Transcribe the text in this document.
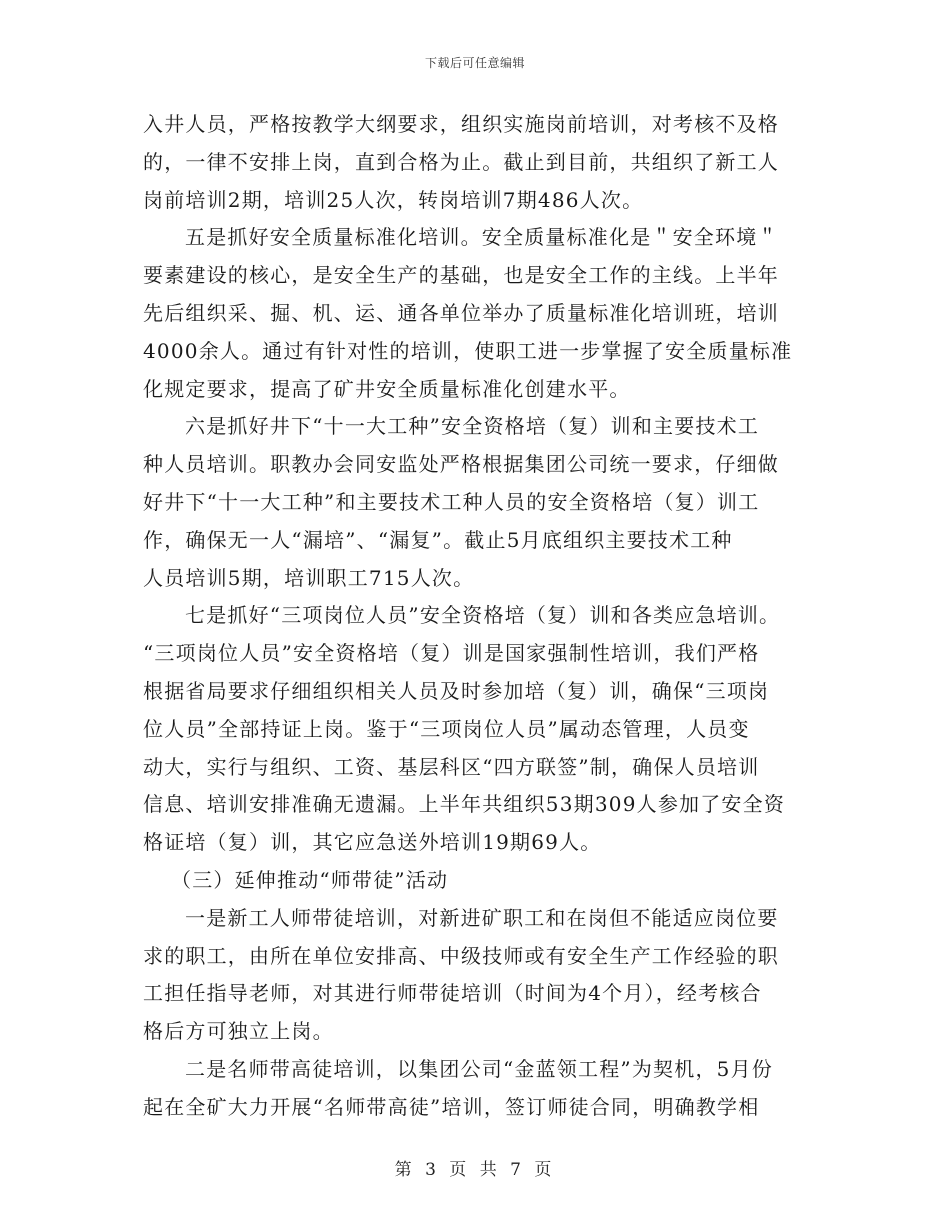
下载后可任意编辑
入井人员，严格按教学大纲要求，组织实施岗前培训，对考核不及格
的，一律不安排上岗，直到合格为止。截止到目前，共组织了新工人
岗前培训2期，培训25人次，转岗培训7期486人次。
五是抓好安全质量标准化培训。安全质量标准化是＂安全环境＂
要素建设的核心，是安全生产的基础，也是安全工作的主线。上半年
先后组织采、掘、机、运、通各单位举办了质量标准化培训班，培训
4000余人。通过有针对性的培训，使职工进一步掌握了安全质量标准
化规定要求，提高了矿井安全质量标准化创建水平。
六是抓好井下“十一大工种”安全资格培（复）训和主要技术工
种人员培训。职教办会同安监处严格根据集团公司统一要求，仔细做
好井下“十一大工种”和主要技术工种人员的安全资格培（复）训工
作，确保无一人“漏培”、“漏复”。截止5月底组织主要技术工种
人员培训5期，培训职工715人次。
七是抓好“三项岗位人员”安全资格培（复）训和各类应急培训。
“三项岗位人员”安全资格培（复）训是国家强制性培训，我们严格
根据省局要求仔细组织相关人员及时参加培（复）训，确保“三项岗
位人员”全部持证上岗。鉴于“三项岗位人员”属动态管理，人员变
动大，实行与组织、工资、基层科区“四方联签”制，确保人员培训
信息、培训安排准确无遗漏。上半年共组织53期309人参加了安全资
格证培（复）训，其它应急送外培训19期69人。
（三）延伸推动“师带徒”活动
一是新工人师带徒培训，对新进矿职工和在岗但不能适应岗位要
求的职工，由所在单位安排高、中级技师或有安全生产工作经验的职
工担任指导老师，对其进行师带徒培训（时间为4个月），经考核合
格后方可独立上岗。
二是名师带高徒培训，以集团公司“金蓝领工程”为契机，5月份
起在全矿大力开展“名师带高徒”培训，签订师徒合同，明确教学相
第 3 页 共 7 页
